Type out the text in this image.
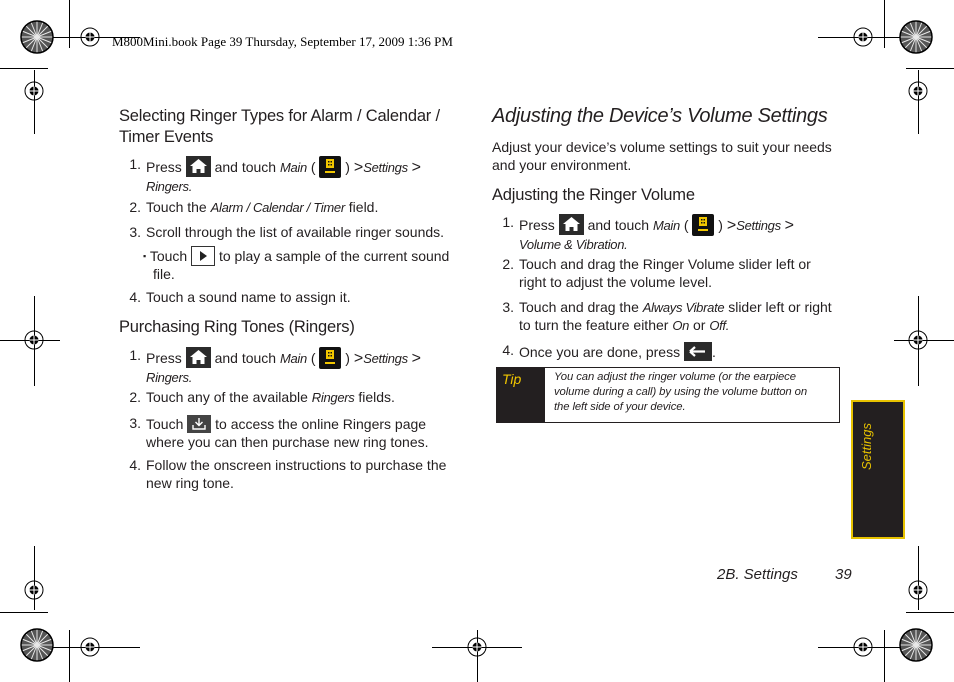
M800Mini.book Page 39 Thursday, September 17, 2009 1:36 PM
Selecting Ringer Types for Alarm / Calendar /
Timer Events
1. Press and touch Main ( ) >Settings >
Ringers.
2. Touch the Alarm / Calendar / Timer field.
3. Scroll through the list of available ringer sounds.
▪ Touch to play a sample of the current sound
file.
4. Touch a sound name to assign it.
Purchasing Ring Tones (Ringers)
1. Press and touch Main ( ) >Settings >
Ringers.
2. Touch any of the available Ringers fields.
3. Touch to access the online Ringers page
where you can then purchase new ring tones.
4. Follow the onscreen instructions to purchase the
new ring tone.
Adjusting the Device’s Volume Settings
Adjust your device’s volume settings to suit your needs
and your environment.
Adjusting the Ringer Volume
1. Press and touch Main ( ) >Settings >
Volume & Vibration.
2. Touch and drag the Ringer Volume slider left or
right to adjust the volume level.
3. Touch and drag the Always Vibrate slider left or right
to turn the feature either On or Off.
4. Once you are done, press .
Tip	You can adjust the ringer volume (or the earpiece
volume during a call) by using the volume button on
the left side of your device.
Settings
2B. Settings 39
